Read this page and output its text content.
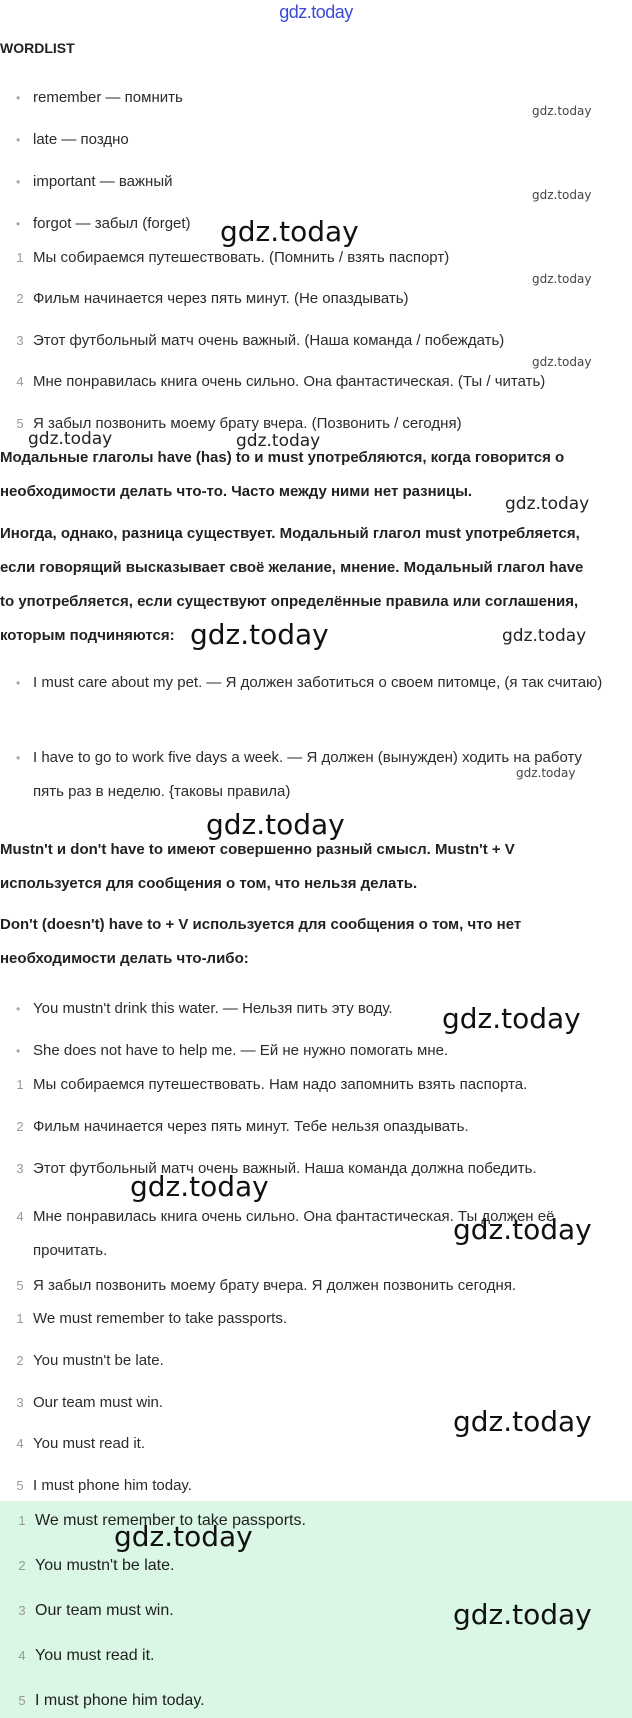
gdz.today
WORDLIST
• remember — помнить
• late — поздно
• important — важный
• forgot — забыл (forget)
1 Мы собираемся путешествовать. (Помнить / взять паспорт)
2 Фильм начинается через пять минут. (Не опаздывать)
3 Этот футбольный матч очень важный. (Наша команда / побеждать)
4 Мне понравилась книга очень сильно. Она фантастическая. (Ты / читать)
5 Я забыл позвонить моему брату вчера. (Позвонить / сегодня)
Модальные глаголы have (has) to и must употребляются, когда говорится о необходимости делать что-то. Часто между ними нет разницы.
Иногда, однако, разница существует. Модальный глагол must употребляется, если говорящий высказывает своё желание, мнение. Модальный глагол have to употребляется, если существуют определённые правила или соглашения, которым подчиняются:
• I must care about my pet. — Я должен заботиться о своем питомце, (я так считаю)
• I have to go to work five days a week. — Я должен (вынужден) ходить на работу пять раз в неделю. {таковы правила)
Mustn't и don't have to имеют совершенно разный смысл. Mustn't + V используется для сообщения о том, что нельзя делать.
Don't (doesn't) have to + V используется для сообщения о том, что нет необходимости делать что-либо:
• You mustn't drink this water. — Нельзя пить эту воду.
• She does not have to help me. — Ей не нужно помогать мне.
1 Мы собираемся путешествовать. Нам надо запомнить взять паспорта.
2 Фильм начинается через пять минут. Тебе нельзя опаздывать.
3 Этот футбольный матч очень важный. Наша команда должна победить.
4 Мне понравилась книга очень сильно. Она фантастическая. Ты должен её прочитать.
5 Я забыл позвонить моему брату вчера. Я должен позвонить сегодня.
1 We must remember to take passports.
2 You mustn't be late.
3 Our team must win.
4 You must read it.
5 I must phone him today.
1 We must remember to take passports.
2 You mustn't be late.
3 Our team must win.
4 You must read it.
5 I must phone him today.
gdz.today
gdz.today
gdz.today
gdz.today
gdz.today
gdz.today	gdz.today
gdz.today
gdz.today	gdz.today
gdz.today
gdz.today
gdz.today
gdz.today
gdz.today
gdz.today
gdz.today
gdz.today
